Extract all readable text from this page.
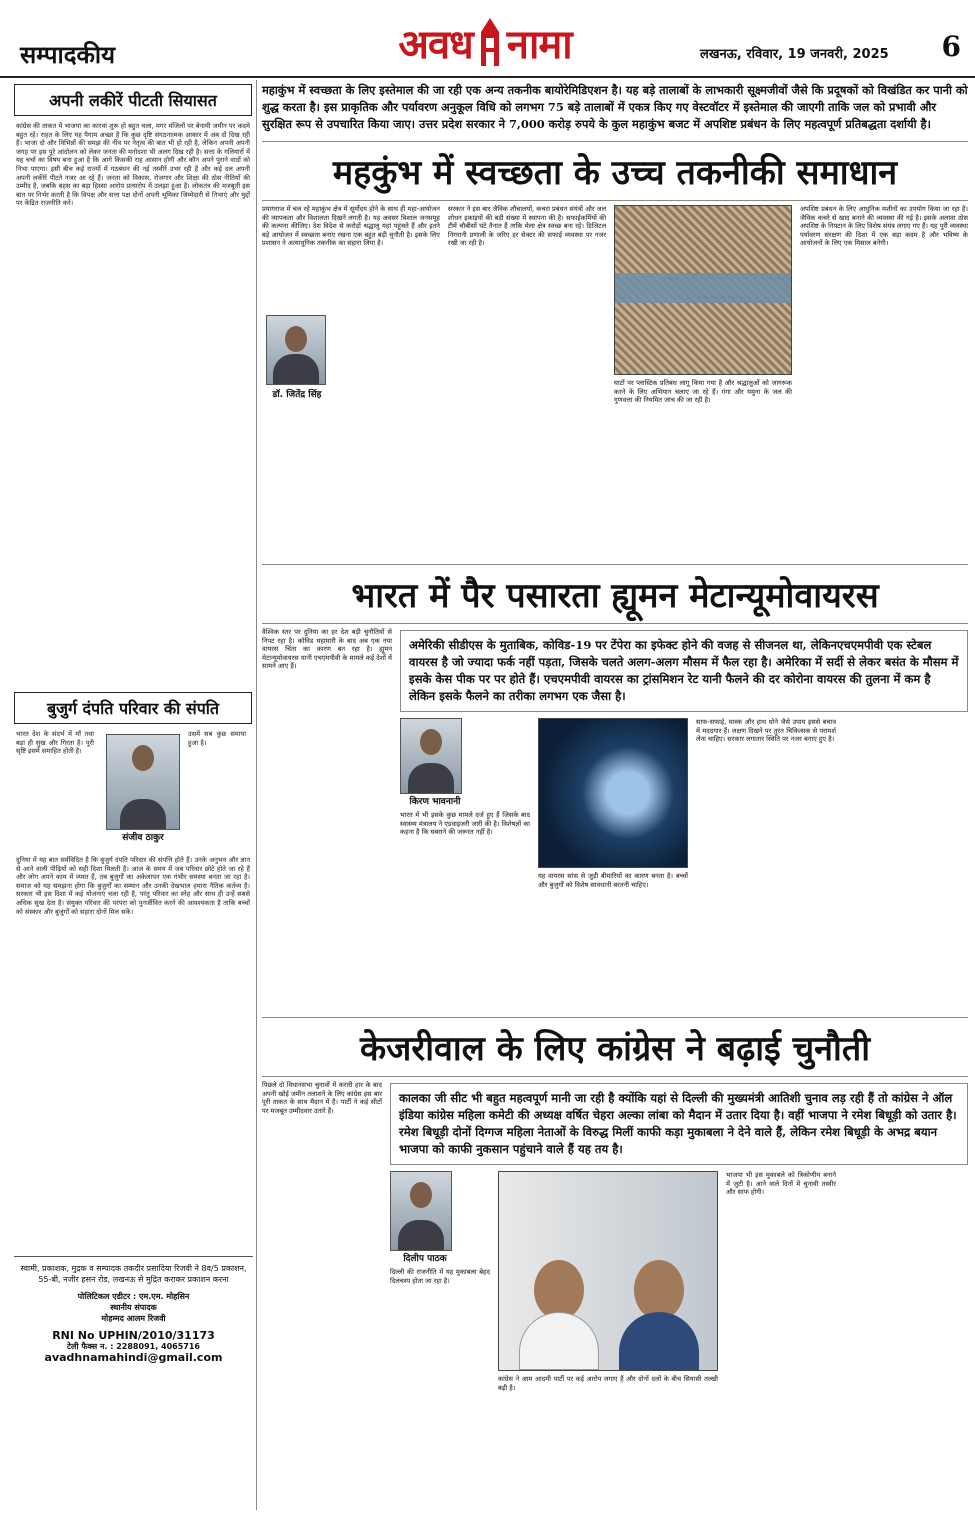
सम्पादकीय	अवध नामा	लखनऊ, रविवार, 19 जनवरी, 2025 6
अपनी लकीरें पीटती सियासत
कांग्रेस की ताकत में भाजपा का कारवां शुरू हो बहुत चला, मगर मंजिलों पर बेनामी जमीन पर कदमे बहुत रहे। राहत के लिए यह पैगाम अच्छा है कि कुछ दृष्टि संगठनात्मक आकार में अब दो दिख रही हैं। भाजा दो और विभिन्नों की समझ की नींव पर नेतृत्व की बात भी हो रही है, लेकिन अपनी अपनी जगह पर इस पूरे आंदोलन को लेकर जनता की मनोदशा भी अलग दिख रही है। सत्ता के गलियारों में यह चर्चा का विषय बना हुआ है कि आगे किसकी राह आसान होगी और कौन अपने पुराने वादों को निभा पाएगा। इसी बीच कई राज्यों में गठबंधन की नई तस्वीरें उभर रही हैं और कई दल अपनी अपनी लकीरें पीटते नजर आ रहे हैं। जनता को विकास, रोजगार और शिक्षा की ठोस नीतियों की उम्मीद है, जबकि बहस का बड़ा हिस्सा आरोप प्रत्यारोप में उलझा हुआ है। लोकतंत्र की मजबूती इस बात पर निर्भर करती है कि विपक्ष और सत्ता पक्ष दोनों अपनी भूमिका जिम्मेदारी से निभाएं और मुद्दों पर केंद्रित राजनीति करें।
बुजुर्ग दंपति परिवार की संपति
भारत देश के संदर्भ में माँ तथा बड़ा ही सुख और गिरता है। पूरी सृष्टि इसमें समाहित होती है।
संजीव ठाकुर
उसमें सब कुछ समाया हुआ है।
दुनिया में यह बात सर्वविदित है कि बुजुर्ग दंपति परिवार की संपत्ति होते हैं। उनके अनुभव और ज्ञान से आने वाली पीढ़ियों को सही दिशा मिलती है। आज के समय में जब परिवार छोटे होते जा रहे हैं और लोग अपने काम में व्यस्त हैं, तब बुजुर्गों का अकेलापन एक गंभीर समस्या बनता जा रहा है। समाज को यह समझना होगा कि बुजुर्गों का सम्मान और उनकी देखभाल हमारा नैतिक कर्तव्य है। सरकार भी इस दिशा में कई योजनाएं चला रही है, परंतु परिवार का स्नेह और साथ ही उन्हें सबसे अधिक सुख देता है। संयुक्त परिवार की परंपरा को पुनर्जीवित करने की आवश्यकता है ताकि बच्चों को संस्कार और बुजुर्गों को सहारा दोनों मिल सकें।
स्वामी, प्रकाशक, मुद्रक व सम्पादक तकदीर प्रसादिया रिजवी ने 8व/5 प्रकाशन, 55-बी, नजीर हसन रोड, लखनऊ से मुद्रित कराकर प्रकाशन करना
पोलिटिकल एडीटर : एम.एम. मोहसिन
स्थानीय संपादक
मोहम्मद आलम रिजवी
RNI No UPHIN/2010/31173
टेली फैक्स न. : 2288091, 4065716
avadhnamahindi@gmail.com
महाकुंभ में स्वच्छता के लिए इस्तेमाल की जा रही एक अन्य तकनीक बायोरेमिडिएशन है। यह बड़े तालाबों के लाभकारी सूक्ष्मजीवों जैसे कि प्रदूषकों को विखंडित कर पानी को शुद्ध करता है। इस प्राकृतिक और पर्यावरण अनुकूल विधि को लगभग 75 बड़े तालाबों में एकत्र किए गए वेस्टवॉटर में इस्तेमाल की जाएगी ताकि जल को प्रभावी और सुरक्षित रूप से उपचारित किया जाए। उत्तर प्रदेश सरकार ने 7,000 करोड़ रुपये के कुल महाकुंभ बजट में अपशिष्ट प्रबंधन के लिए महत्वपूर्ण प्रतिबद्धता दर्शायी है।
महकुंभ में स्वच्छता के उच्च तकनीकी समाधान
प्रयागराज में चल रहे महाकुंभ क्षेत्र में सूर्योदय होने के साथ ही महा-आयोजन की व्यापकता और विशालता दिखने लगती है। यह अवसर विशाल जनसमूह की कल्पना कीजिए। देश विदेश से करोड़ों श्रद्धालु यहां पहुंचते हैं और इतने बड़े आयोजन में स्वच्छता बनाए रखना एक बहुत बड़ी चुनौती है। इसके लिए प्रशासन ने अत्याधुनिक तकनीक का सहारा लिया है।
डॉ. जितेंद्र सिंह
सरकार ने इस बार जैविक शौचालयों, कचरा प्रबंधन संयंत्रों और जल शोधन इकाइयों की बड़ी संख्या में स्थापना की है। सफाईकर्मियों की टीमें चौबीसों घंटे तैनात हैं ताकि मेला क्षेत्र स्वच्छ बना रहे। डिजिटल निगरानी प्रणाली के जरिए हर सेक्टर की सफाई व्यवस्था पर नजर रखी जा रही है।
घाटों पर प्लास्टिक प्रतिबंध लागू किया गया है और श्रद्धालुओं को जागरूक करने के लिए अभियान चलाए जा रहे हैं। गंगा और यमुना के जल की गुणवत्ता की नियमित जांच की जा रही है।
अपशिष्ट प्रबंधन के लिए आधुनिक मशीनों का उपयोग किया जा रहा है। जैविक कचरे से खाद बनाने की व्यवस्था की गई है। इसके अलावा ठोस अपशिष्ट के निपटान के लिए विशेष संयंत्र लगाए गए हैं। यह पूरी व्यवस्था पर्यावरण संरक्षण की दिशा में एक बड़ा कदम है और भविष्य के आयोजनों के लिए एक मिसाल बनेगी।
भारत में पैर पसारता ह्यूमन मेटान्यूमोवायरस
वैश्विक स्तर पर दुनिया का हर देश बड़ी चुनौतियों से निपट रहा है। कोविड महामारी के बाद अब एक नया वायरस चिंता का कारण बन रहा है। ह्यूमन मेटान्यूमोवायरस यानी एचएमपीवी के मामले कई देशों में सामने आए हैं।
अमेरिकी सीडीएस के मुताबिक, कोविड-19 पर टेंपेरा का इफेक्ट होने की वजह से सीजनल था, लेकिनएचएमपीवी एक स्टेबल वायरस है जो ज्यादा फर्क नहीं पड़ता, जिसके चलते अलग-अलग मौसम में फैल रहा है। अमेरिका में सर्दी से लेकर बसंत के मौसम में इसके केस पीक पर पर होते हैं। एचएमपीवी वायरस का ट्रांसमिशन रेट यानी फैलने की दर कोरोना वायरस की तुलना में कम है लेकिन इसके फैलने का तरीका लगभग एक जैसा है।
किरण भावनानी
भारत में भी इसके कुछ मामले दर्ज हुए हैं जिसके बाद स्वास्थ्य मंत्रालय ने एडवाइजरी जारी की है। विशेषज्ञों का कहना है कि घबराने की जरूरत नहीं है।
यह वायरस सांस से जुड़ी बीमारियों का कारण बनता है। बच्चों और बुजुर्गों को विशेष सावधानी बरतनी चाहिए।
साफ-सफाई, मास्क और हाथ धोने जैसे उपाय इससे बचाव में मददगार हैं। लक्षण दिखने पर तुरंत चिकित्सक से परामर्श लेना चाहिए। सरकार लगातार स्थिति पर नजर बनाए हुए है।
केजरीवाल के लिए कांग्रेस ने बढ़ाई चुनौती
पिछले दो विधानसभा चुनावों में करारी हार के बाद अपनी खोई जमीन तलाशने के लिए कांग्रेस इस बार पूरी ताकत के साथ मैदान में है। पार्टी ने कई सीटों पर मजबूत उम्मीदवार उतारे हैं।
कालका जी सीट भी बहुत महत्वपूर्ण मानी जा रही है क्योंकि यहां से दिल्ली की मुख्यमंत्री आतिशी चुनाव लड़ रही हैं तो कांग्रेस ने ऑल इंडिया कांग्रेस महिला कमेटी की अध्यक्ष वर्षित चेहरा अल्का लांबा को मैदान में उतार दिया है। वहीं भाजपा ने रमेश बिधूड़ी को उतार है। रमेश बिधूड़ी दोनों दिग्गज महिला नेताओं के विरुद्ध मिलीं काफी कड़ा मुकाबला ने देने वाले हैं, लेकिन रमेश बिधूड़ी के अभद्र बयान भाजपा को काफी नुकसान पहुंचाने वाले हैं यह तय है।
दिलीप पाठक
दिल्ली की राजनीति में यह मुकाबला बेहद दिलचस्प होता जा रहा है।
कांग्रेस ने आम आदमी पार्टी पर कई आरोप लगाए हैं और दोनों दलों के बीच सियासी तल्खी बढ़ी है।
भाजपा भी इस मुकाबले को त्रिकोणीय बनाने में जुटी है। आने वाले दिनों में चुनावी तस्वीर और साफ होगी।
